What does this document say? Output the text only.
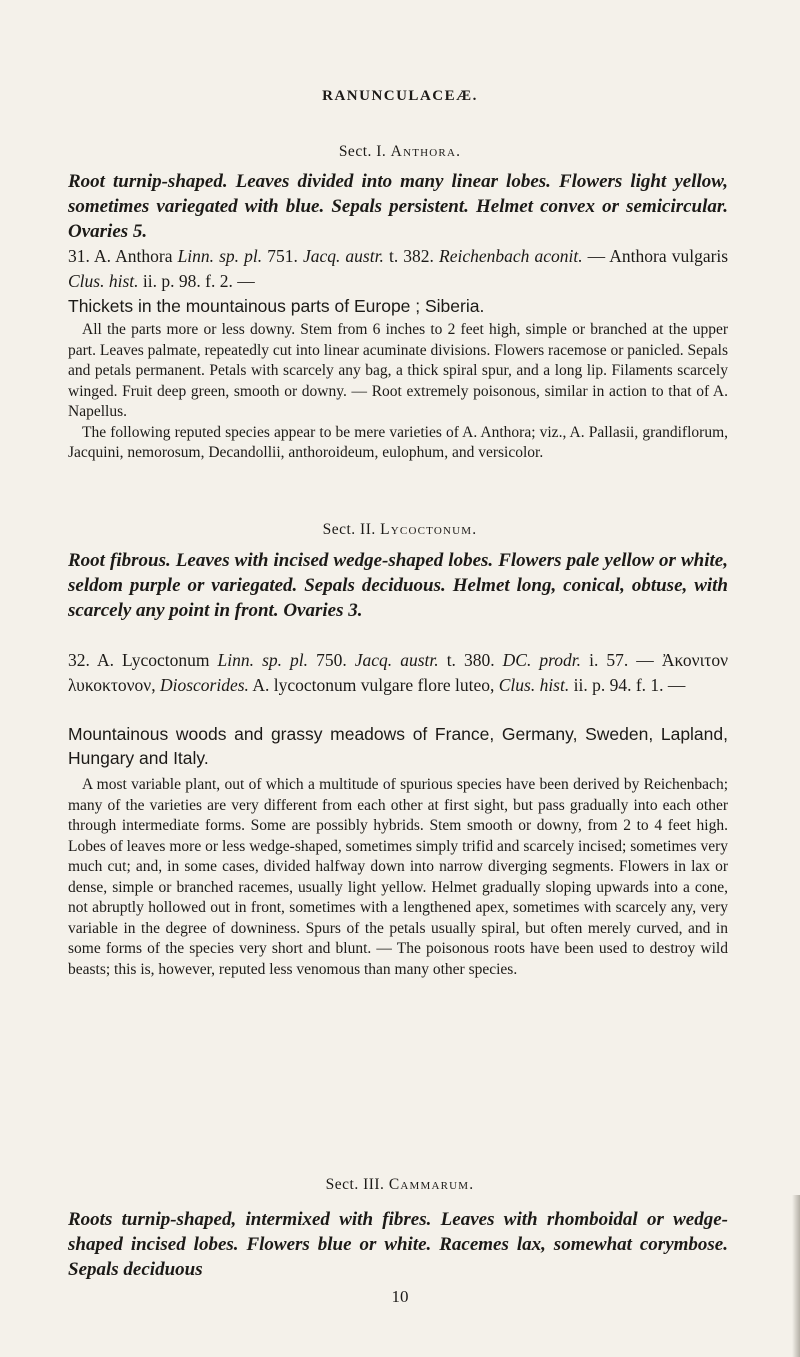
RANUNCULACEÆ.
Sect. I. Anthora.
Root turnip-shaped. Leaves divided into many linear lobes. Flowers light yellow, sometimes variegated with blue. Sepals persistent. Helmet convex or semicircular. Ovaries 5.
31. A. Anthora Linn. sp. pl. 751. Jacq. austr. t. 382. Reichenbach aconit. — Anthora vulgaris Clus. hist. ii. p. 98. f. 2. —
Thickets in the mountainous parts of Europe ; Siberia.

All the parts more or less downy. Stem from 6 inches to 2 feet high, simple or branched at the upper part. Leaves palmate, repeatedly cut into linear acuminate divisions. Flowers racemose or panicled. Sepals and petals permanent. Petals with scarcely any bag, a thick spiral spur, and a long lip. Filaments scarcely winged. Fruit deep green, smooth or downy. — Root extremely poisonous, similar in action to that of A. Napellus.

The following reputed species appear to be mere varieties of A. Anthora; viz., A. Pallasii, grandiflorum, Jacquini, nemorosum, Decandollii, anthoroideum, eulophum, and versicolor.

Sect. II. Lycoctonum.
Root fibrous. Leaves with incised wedge-shaped lobes. Flowers pale yellow or white, seldom purple or variegated. Sepals deciduous. Helmet long, conical, obtuse, with scarcely any point in front. Ovaries 3.
32. A. Lycoctonum Linn. sp. pl. 750. Jacq. austr. t. 380. DC. prodr. i. 57. — Ἀκονιτον λυκοκτονον, Dioscorides. A. lycoctonum vulgare flore luteo, Clus. hist. ii. p. 94. f. 1. —
Mountainous woods and grassy meadows of France, Germany, Sweden, Lapland, Hungary and Italy.

A most variable plant, out of which a multitude of spurious species have been derived by Reichenbach; many of the varieties are very different from each other at first sight, but pass gradually into each other through intermediate forms. Some are possibly hybrids. Stem smooth or downy, from 2 to 4 feet high. Lobes of leaves more or less wedge-shaped, sometimes simply trifid and scarcely incised; sometimes very much cut; and, in some cases, divided halfway down into narrow diverging segments. Flowers in lax or dense, simple or branched racemes, usually light yellow. Helmet gradually sloping upwards into a cone, not abruptly hollowed out in front, sometimes with a lengthened apex, sometimes with scarcely any, very variable in the degree of downiness. Spurs of the petals usually spiral, but often merely curved, and in some forms of the species very short and blunt. — The poisonous roots have been used to destroy wild beasts; this is, however, reputed less venomous than many other species.

Sect. III. Cammarum.
Roots turnip-shaped, intermixed with fibres. Leaves with rhomboidal or wedge-shaped incised lobes. Flowers blue or white. Racemes lax, somewhat corymbose. Sepals deciduous
10
